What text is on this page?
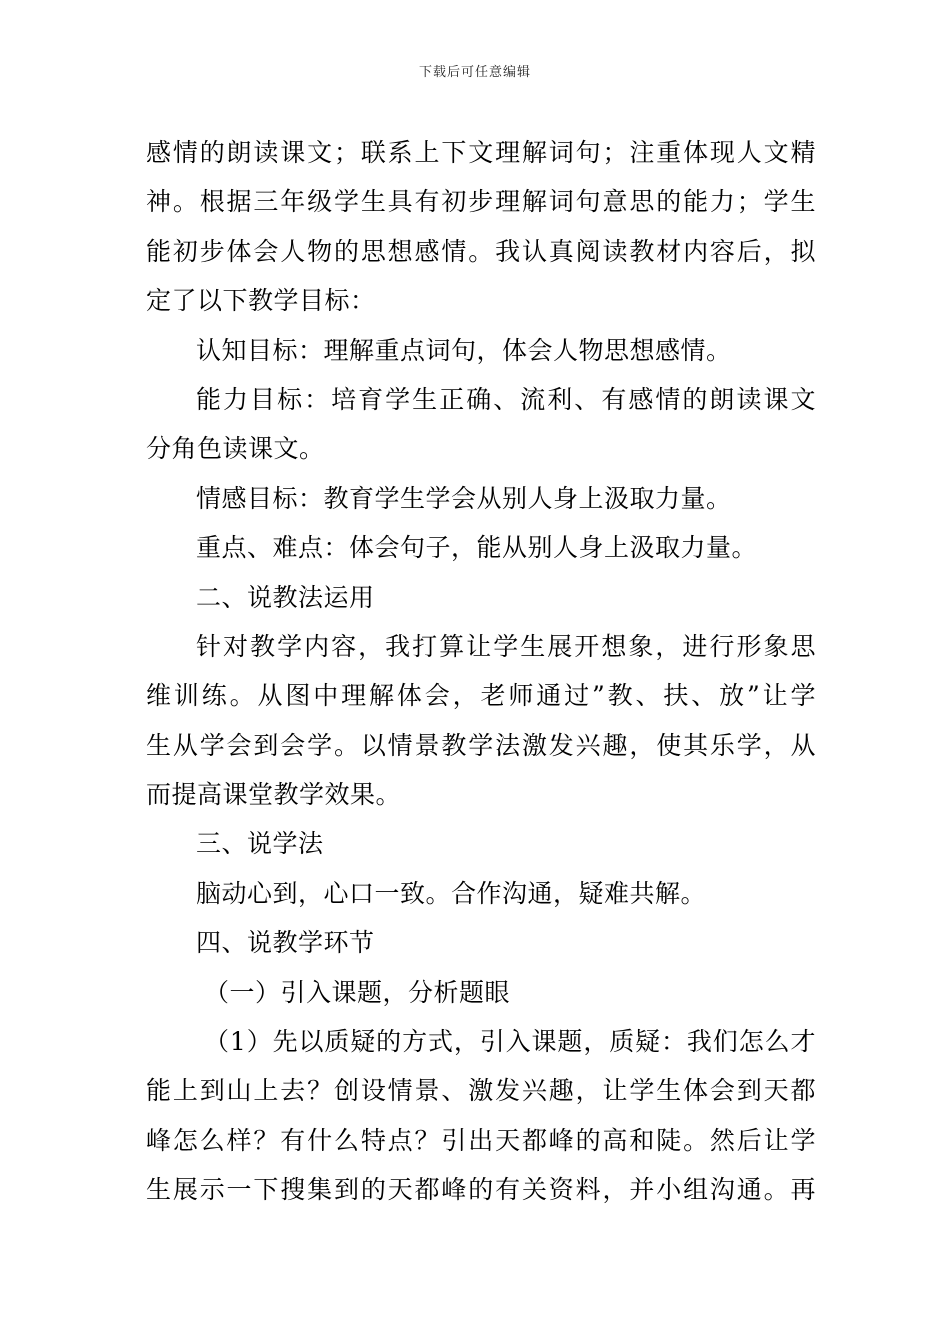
下载后可任意编辑
感情的朗读课文；联系上下文理解词句；注重体现人文精
神。根据三年级学生具有初步理解词句意思的能力；学生
能初步体会人物的思想感情。我认真阅读教材内容后，拟
定了以下教学目标：
认知目标：理解重点词句，体会人物思想感情。
能力目标：培育学生正确、流利、有感情的朗读课文
分角色读课文。
情感目标：教育学生学会从别人身上汲取力量。
重点、难点：体会句子，能从别人身上汲取力量。
二、说教法运用
针对教学内容，我打算让学生展开想象，进行形象思
维训练。从图中理解体会，老师通过”教、扶、放”让学
生从学会到会学。以情景教学法激发兴趣，使其乐学，从
而提高课堂教学效果。
三、说学法
脑动心到，心口一致。合作沟通，疑难共解。
四、说教学环节
（一）引入课题，分析题眼
（1）先以质疑的方式，引入课题，质疑：我们怎么才
能上到山上去？创设情景、激发兴趣，让学生体会到天都
峰怎么样？有什么特点？引出天都峰的高和陡。然后让学
生展示一下搜集到的天都峰的有关资料，并小组沟通。再
